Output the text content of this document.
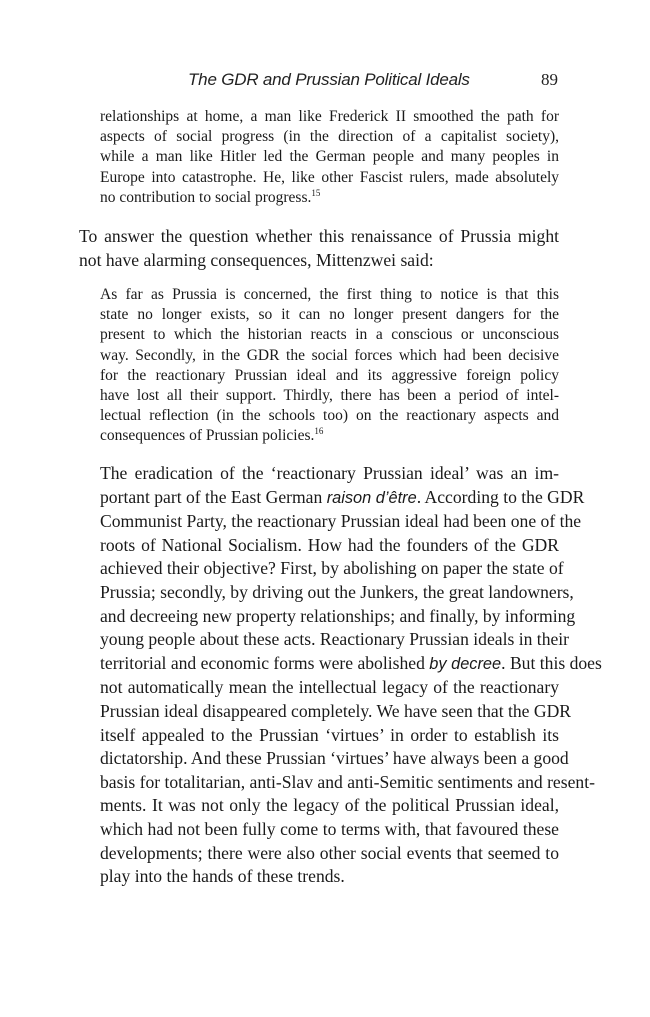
The GDR and Prussian Political Ideals	89
relationships at home, a man like Frederick II smoothed the path for
aspects of social progress (in the direction of a capitalist society),
while a man like Hitler led the German people and many peoples in
Europe into catastrophe. He, like other Fascist rulers, made absolutely
no contribution to social progress.$^{15}$
To answer the question whether this renaissance of Prussia might
not have alarming consequences, Mittenzwei said:
As far as Prussia is concerned, the first thing to notice is that this
state no longer exists, so it can no longer present dangers for the
present to which the historian reacts in a conscious or unconscious
way. Secondly, in the GDR the social forces which had been decisive
for the reactionary Prussian ideal and its aggressive foreign policy
have lost all their support. Thirdly, there has been a period of intel-
lectual reflection (in the schools too) on the reactionary aspects and
consequences of Prussian policies.$^{16}$
The eradication of the ‘reactionary Prussian ideal’ was an im-
portant part of the East German raison d’être. According to the GDR
Communist Party, the reactionary Prussian ideal had been one of the
roots of National Socialism. How had the founders of the GDR
achieved their objective? First, by abolishing on paper the state of
Prussia; secondly, by driving out the Junkers, the great landowners,
and decreeing new property relationships; and finally, by informing
young people about these acts. Reactionary Prussian ideals in their
territorial and economic forms were abolished by decree. But this does
not automatically mean the intellectual legacy of the reactionary
Prussian ideal disappeared completely. We have seen that the GDR
itself appealed to the Prussian ‘virtues’ in order to establish its
dictatorship. And these Prussian ‘virtues’ have always been a good
basis for totalitarian, anti-Slav and anti-Semitic sentiments and resent-
ments. It was not only the legacy of the political Prussian ideal,
which had not been fully come to terms with, that favoured these
developments; there were also other social events that seemed to
play into the hands of these trends.
